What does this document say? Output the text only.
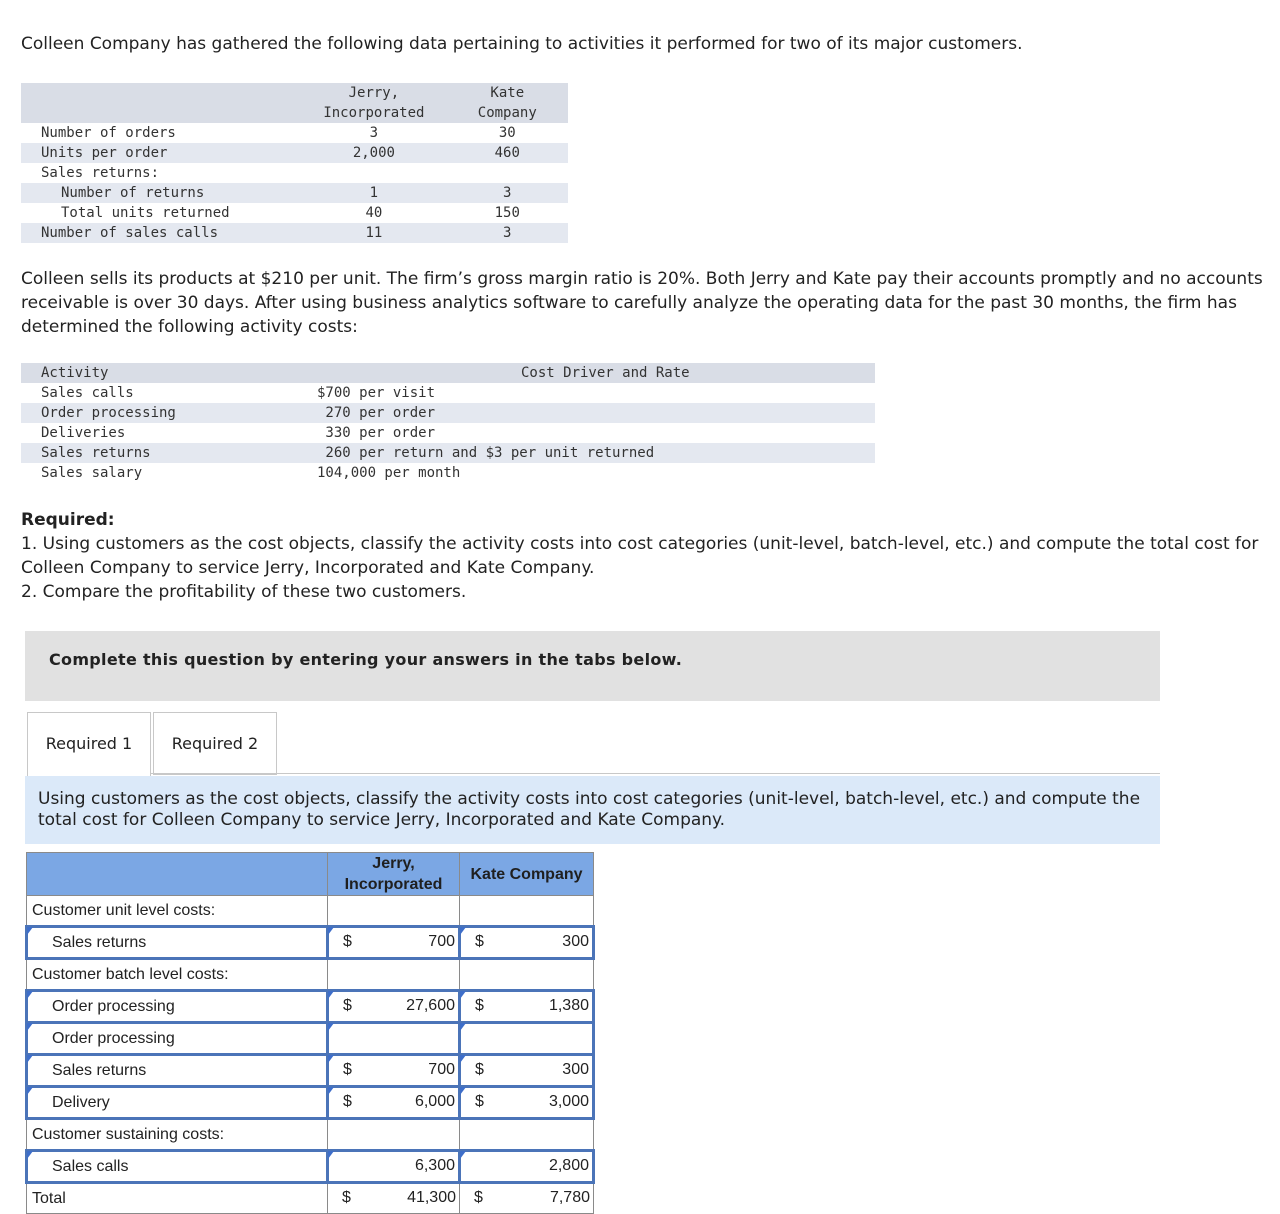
Colleen Company has gathered the following data pertaining to activities it performed for two of its major customers.
	Jerry,	Kate
	Incorporated	Company
Number of orders	3	30
Units per order	2,000	460
Sales returns:		
Number of returns	1	3
Total units returned	40	150
Number of sales calls	11	3
Colleen sells its products at $210 per unit. The firm’s gross margin ratio is 20%. Both Jerry and Kate pay their accounts promptly and no accounts receivable is over 30 days. After using business analytics software to carefully analyze the operating data for the past 30 months, the firm has determined the following activity costs:
Activity	Cost Driver and Rate
Sales calls	$700 per visit
Order processing	270 per order
Deliveries	330 per order
Sales returns	260 per return and $3 per unit returned
Sales salary	104,000 per month
Required:
1. Using customers as the cost objects, classify the activity costs into cost categories (unit-level, batch-level, etc.) and compute the total cost for Colleen Company to service Jerry, Incorporated and Kate Company.
2. Compare the profitability of these two customers.
Complete this question by entering your answers in the tabs below.
Required 1	Required 2
Using customers as the cost objects, classify the activity costs into cost categories (unit-level, batch-level, etc.) and compute the total cost for Colleen Company to service Jerry, Incorporated and Kate Company.
	Jerry, Incorporated	Kate Company
Customer unit level costs:		

Sales returns	$ 700	$ 300

Customer batch level costs:		

Order processing	$ 27,600	$ 1,380

Order processing	

Sales returns	$ 700	$ 300

Delivery	$ 6,000	$ 3,000

Customer sustaining costs:		

Sales calls	6,300	2,800

Total	$ 41,300	$ 7,780
